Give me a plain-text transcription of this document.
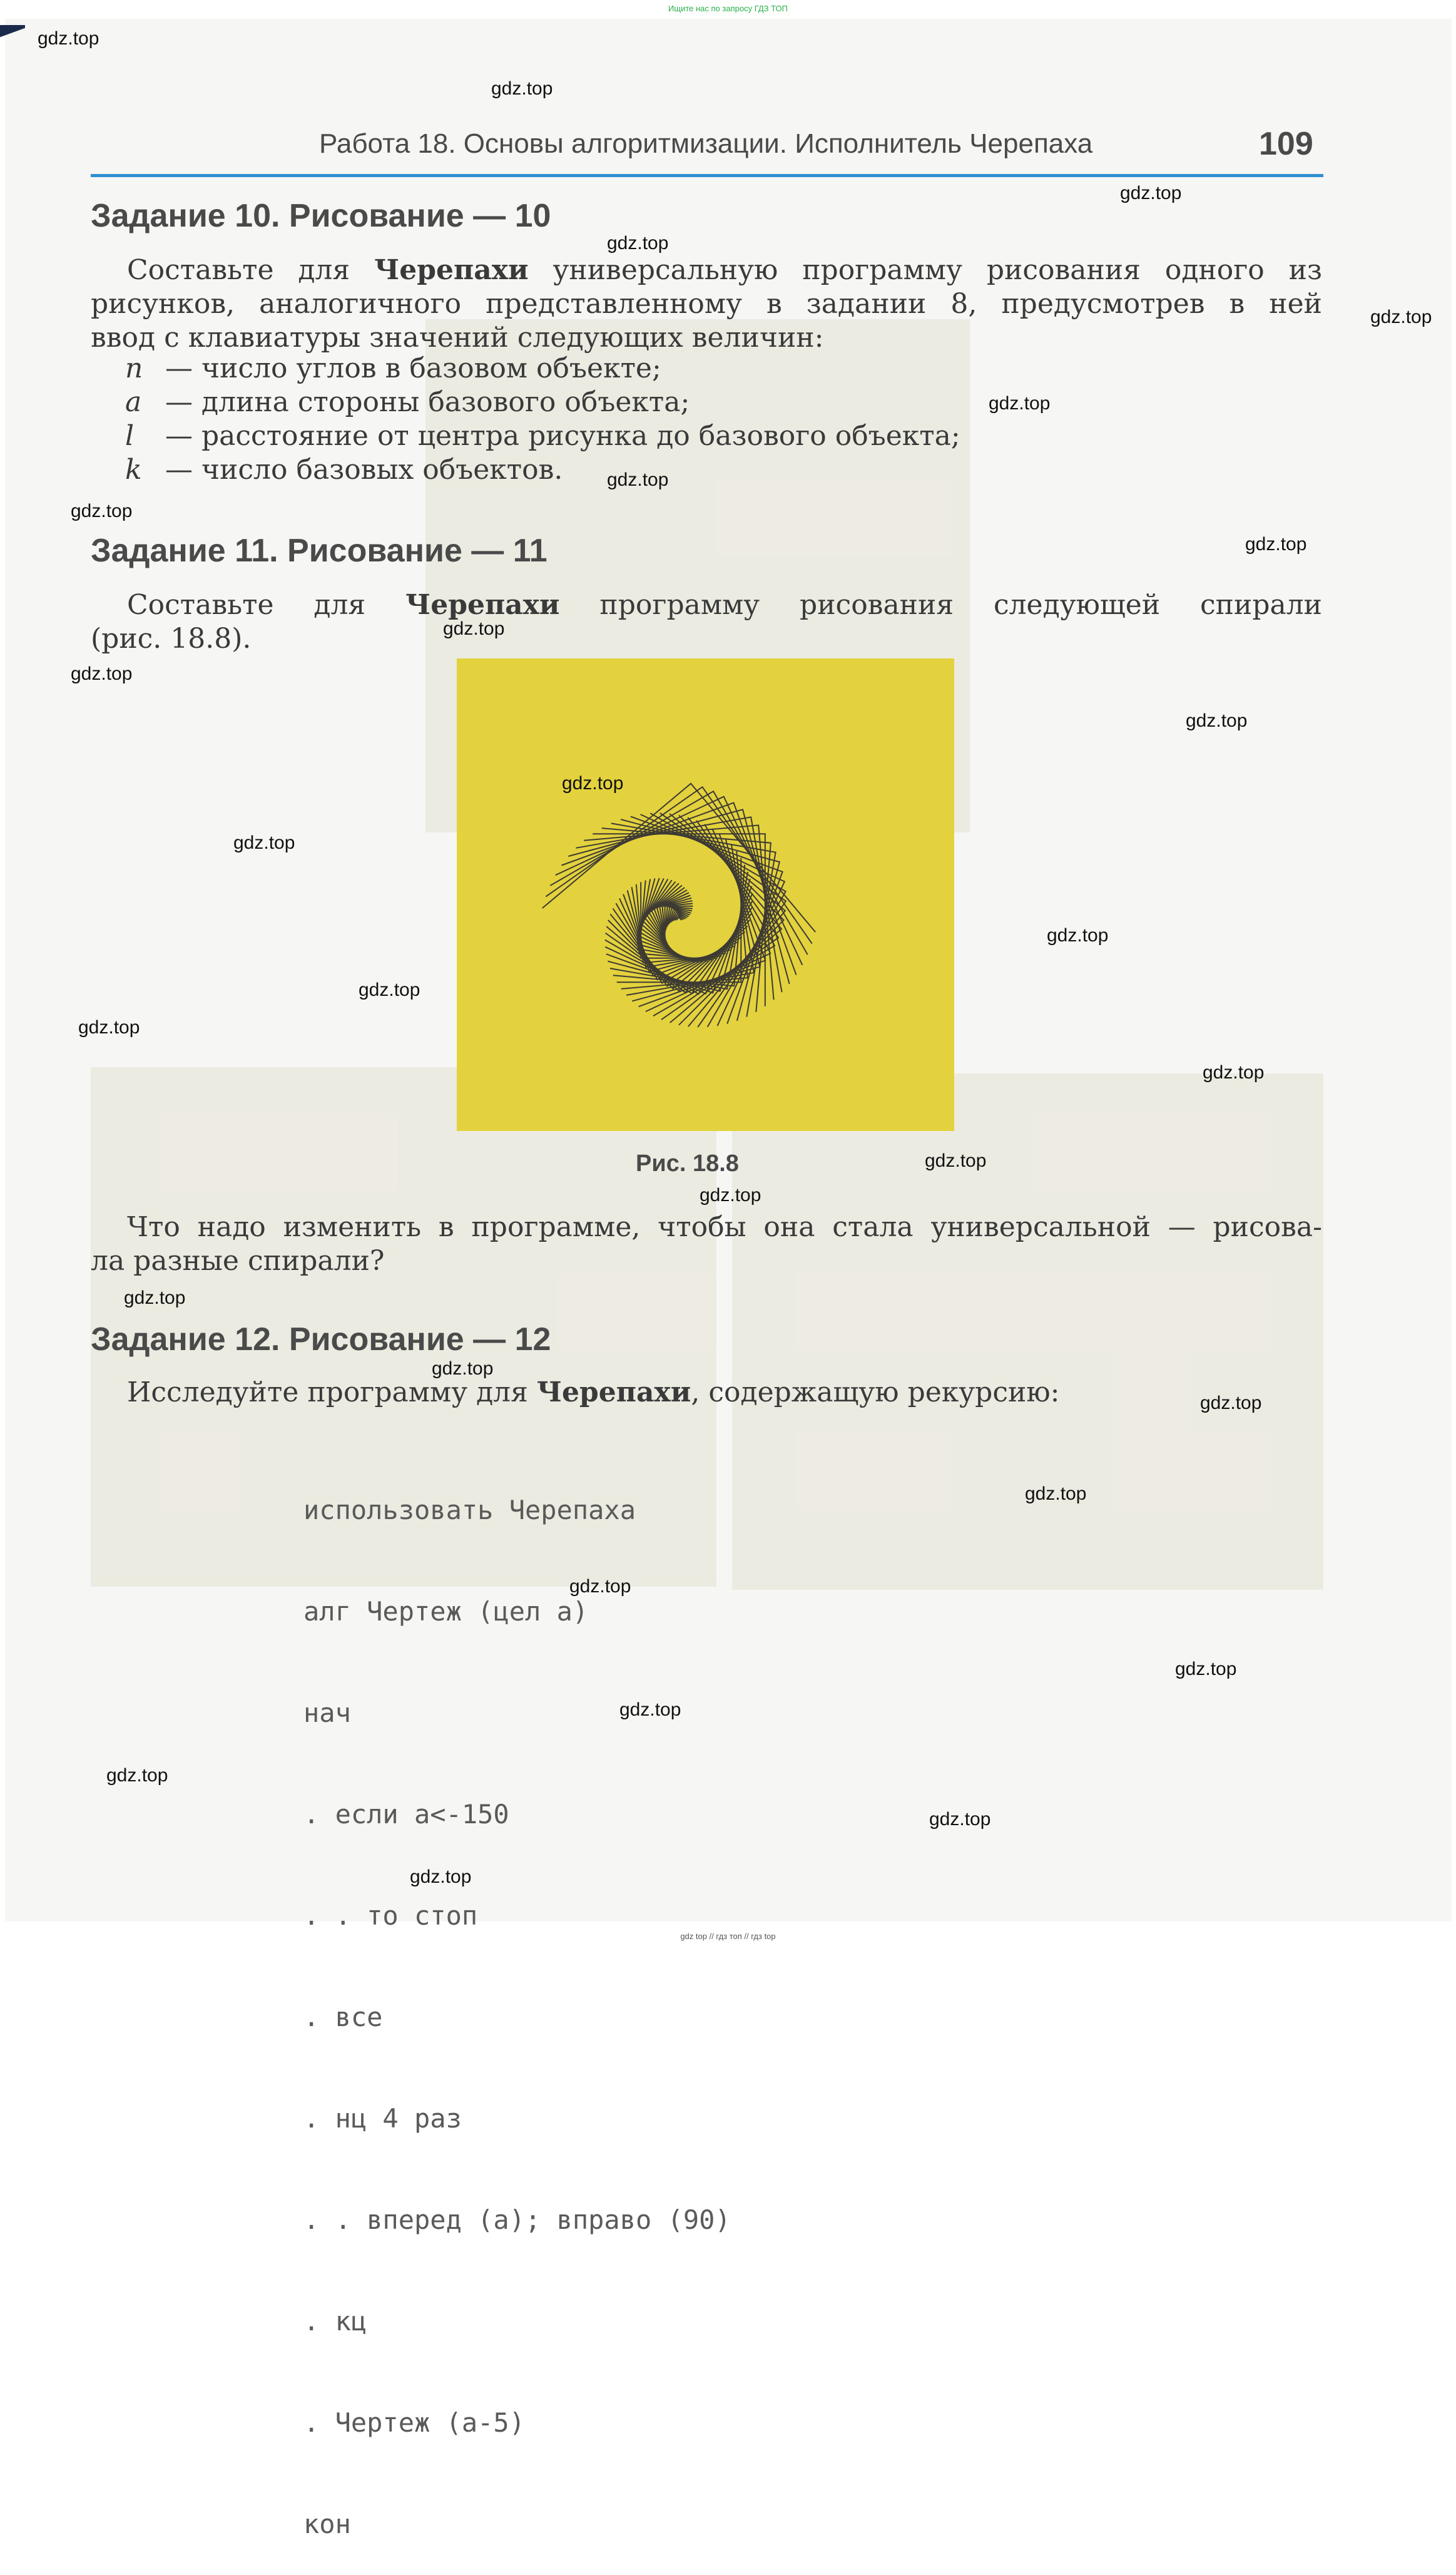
Ищите нас по запросу ГДЗ ТОП
Работа 18. Основы алгоритмизации. Исполнитель Черепаха	109
Задание 10. Рисование — 10
Составьте для Черепахи универсальную программу рисования одного из
рисунков, аналогичного представленному в задании 8, предусмотрев в ней
ввод с клавиатуры значений следующих величин:
n — число углов в базовом объекте;
a — длина стороны базового объекта;
l — расстояние от центра рисунка до базового объекта;
k — число базовых объектов.
Задание 11. Рисование — 11
Составьте для Черепахи программу рисования следующей спирали
(рис. 18.8).
Рис. 18.8
Что надо изменить в программе, чтобы она стала универсальной — рисова-
ла разные спирали?
Задание 12. Рисование — 12
Исследуйте программу для Черепахи, содержащую рекурсию:

использовать Черепаха

алг Чертеж (цел а)

нач

. если а<-150

. . то стоп

. все

. нц 4 раз

. . вперед (а); вправо (90)

. кц

. Чертеж (а-5)

кон

gdz.top
gdz.top
gdz.top
gdz.top
gdz.top
gdz.top
gdz.top
gdz.top
gdz.top
gdz.top
gdz.top
gdz.top
gdz.top
gdz.top
gdz.top
gdz.top
gdz.top
gdz.top
gdz.top
gdz.top
gdz.top
gdz.top
gdz.top
gdz.top
gdz.top
gdz.top
gdz.top
gdz.top
gdz.top
gdz.top
gdz top // гдз топ // гдз top
